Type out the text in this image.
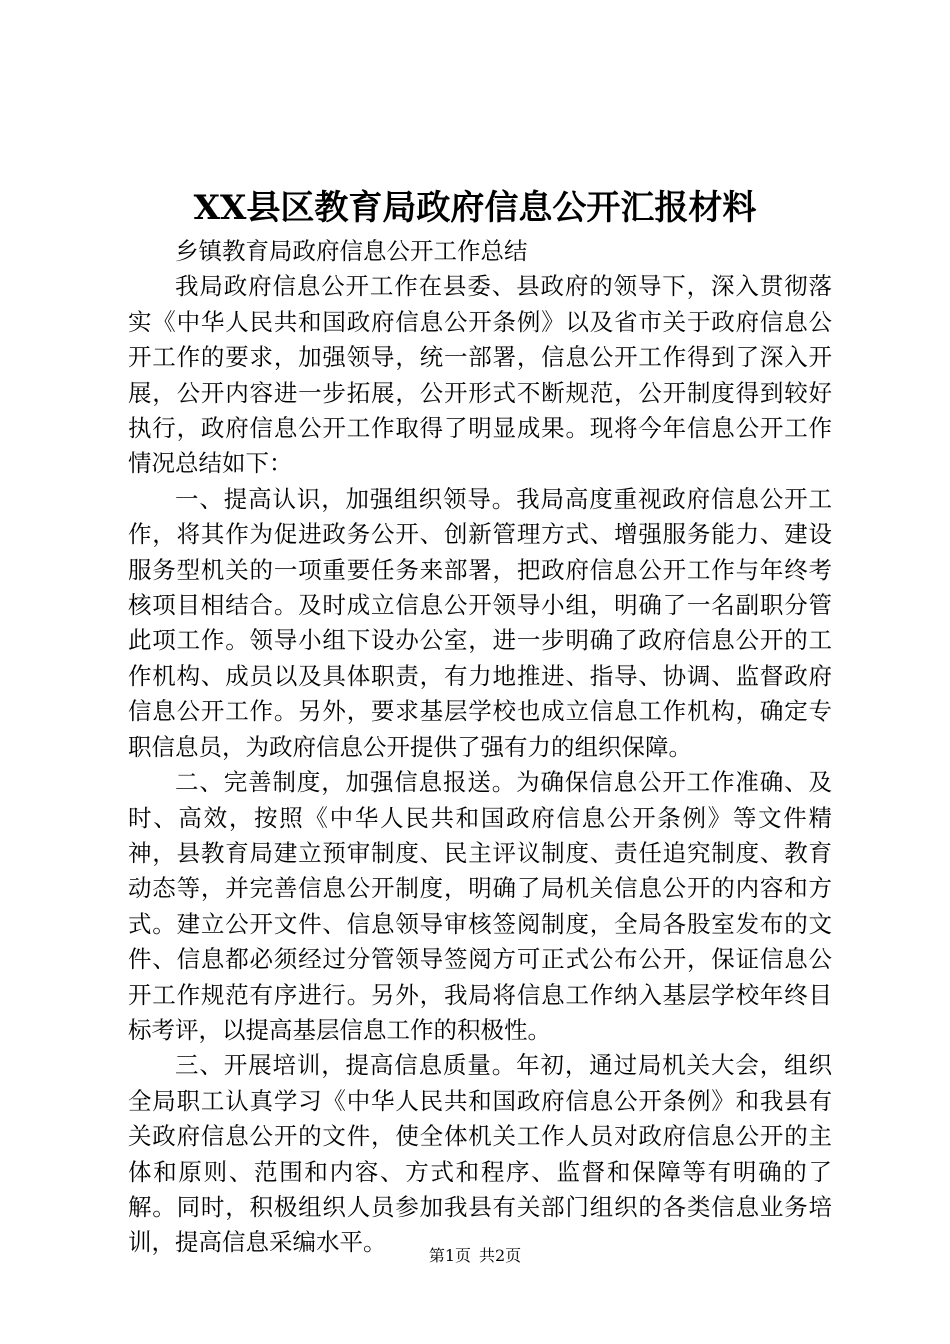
XX县区教育局政府信息公开汇报材料

乡镇教育局政府信息公开工作总结

我局政府信息公开工作在县委、县政府的领导下，深入贯彻落实《中华人民共和国政府信息公开条例》以及省市关于政府信息公开工作的要求，加强领导，统一部署，信息公开工作得到了深入开展，公开内容进一步拓展，公开形式不断规范，公开制度得到较好执行，政府信息公开工作取得了明显成果。现将今年信息公开工作情况总结如下：

一、提高认识，加强组织领导。我局高度重视政府信息公开工作，将其作为促进政务公开、创新管理方式、增强服务能力、建设服务型机关的一项重要任务来部署，把政府信息公开工作与年终考核项目相结合。及时成立信息公开领导小组，明确了一名副职分管此项工作。领导小组下设办公室，进一步明确了政府信息公开的工作机构、成员以及具体职责，有力地推进、指导、协调、监督政府信息公开工作。另外，要求基层学校也成立信息工作机构，确定专职信息员，为政府信息公开提供了强有力的组织保障。

二、完善制度，加强信息报送。为确保信息公开工作准确、及时、高效，按照《中华人民共和国政府信息公开条例》等文件精神，县教育局建立预审制度、民主评议制度、责任追究制度、教育动态等，并完善信息公开制度，明确了局机关信息公开的内容和方式。建立公开文件、信息领导审核签阅制度，全局各股室发布的文件、信息都必须经过分管领导签阅方可正式公布公开，保证信息公开工作规范有序进行。另外，我局将信息工作纳入基层学校年终目标考评，以提高基层信息工作的积极性。

三、开展培训，提高信息质量。年初，通过局机关大会，组织全局职工认真学习《中华人民共和国政府信息公开条例》和我县有关政府信息公开的文件，使全体机关工作人员对政府信息公开的主体和原则、范围和内容、方式和程序、监督和保障等有明确的了解。同时，积极组织人员参加我县有关部门组织的各类信息业务培训，提高信息采编水平。	第1页 共2页
